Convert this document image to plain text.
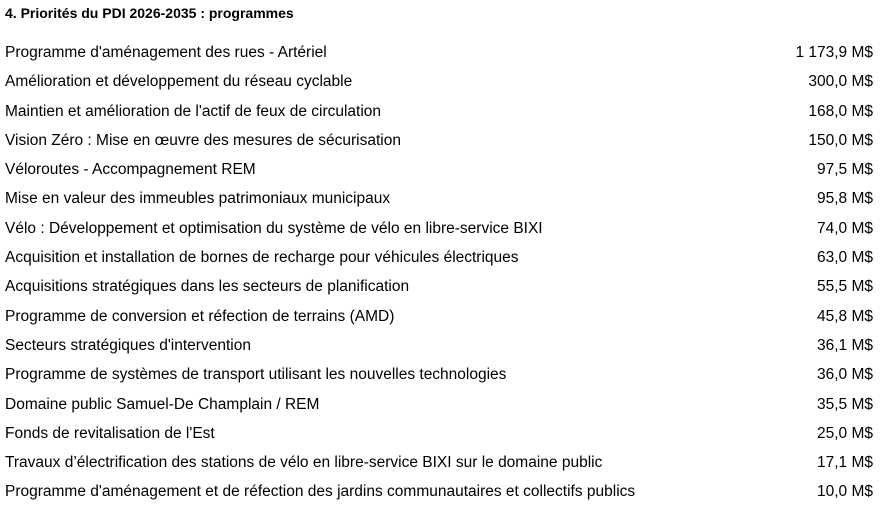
4. Priorités du PDI 2026-2035 : programmes
Programme d'aménagement des rues - Artériel	1 173,9 M$
Amélioration et développement du réseau cyclable	300,0 M$
Maintien et amélioration de l'actif de feux de circulation	168,0 M$
Vision Zéro : Mise en œuvre des mesures de sécurisation	150,0 M$
Véloroutes - Accompagnement REM	97,5 M$
Mise en valeur des immeubles patrimoniaux municipaux	95,8 M$
Vélo : Développement et optimisation du système de vélo en libre-service BIXI	74,0 M$
Acquisition et installation de bornes de recharge pour véhicules électriques	63,0 M$
Acquisitions stratégiques dans les secteurs de planification	55,5 M$
Programme de conversion et réfection de terrains (AMD)	45,8 M$
Secteurs stratégiques d'intervention	36,1 M$
Programme de systèmes de transport utilisant les nouvelles technologies	36,0 M$
Domaine public Samuel-De Champlain / REM	35,5 M$
Fonds de revitalisation de l'Est	25,0 M$
Travaux d’électrification des stations de vélo en libre-service BIXI sur le domaine public	17,1 M$
Programme d'aménagement et de réfection des jardins communautaires et collectifs publics	10,0 M$
